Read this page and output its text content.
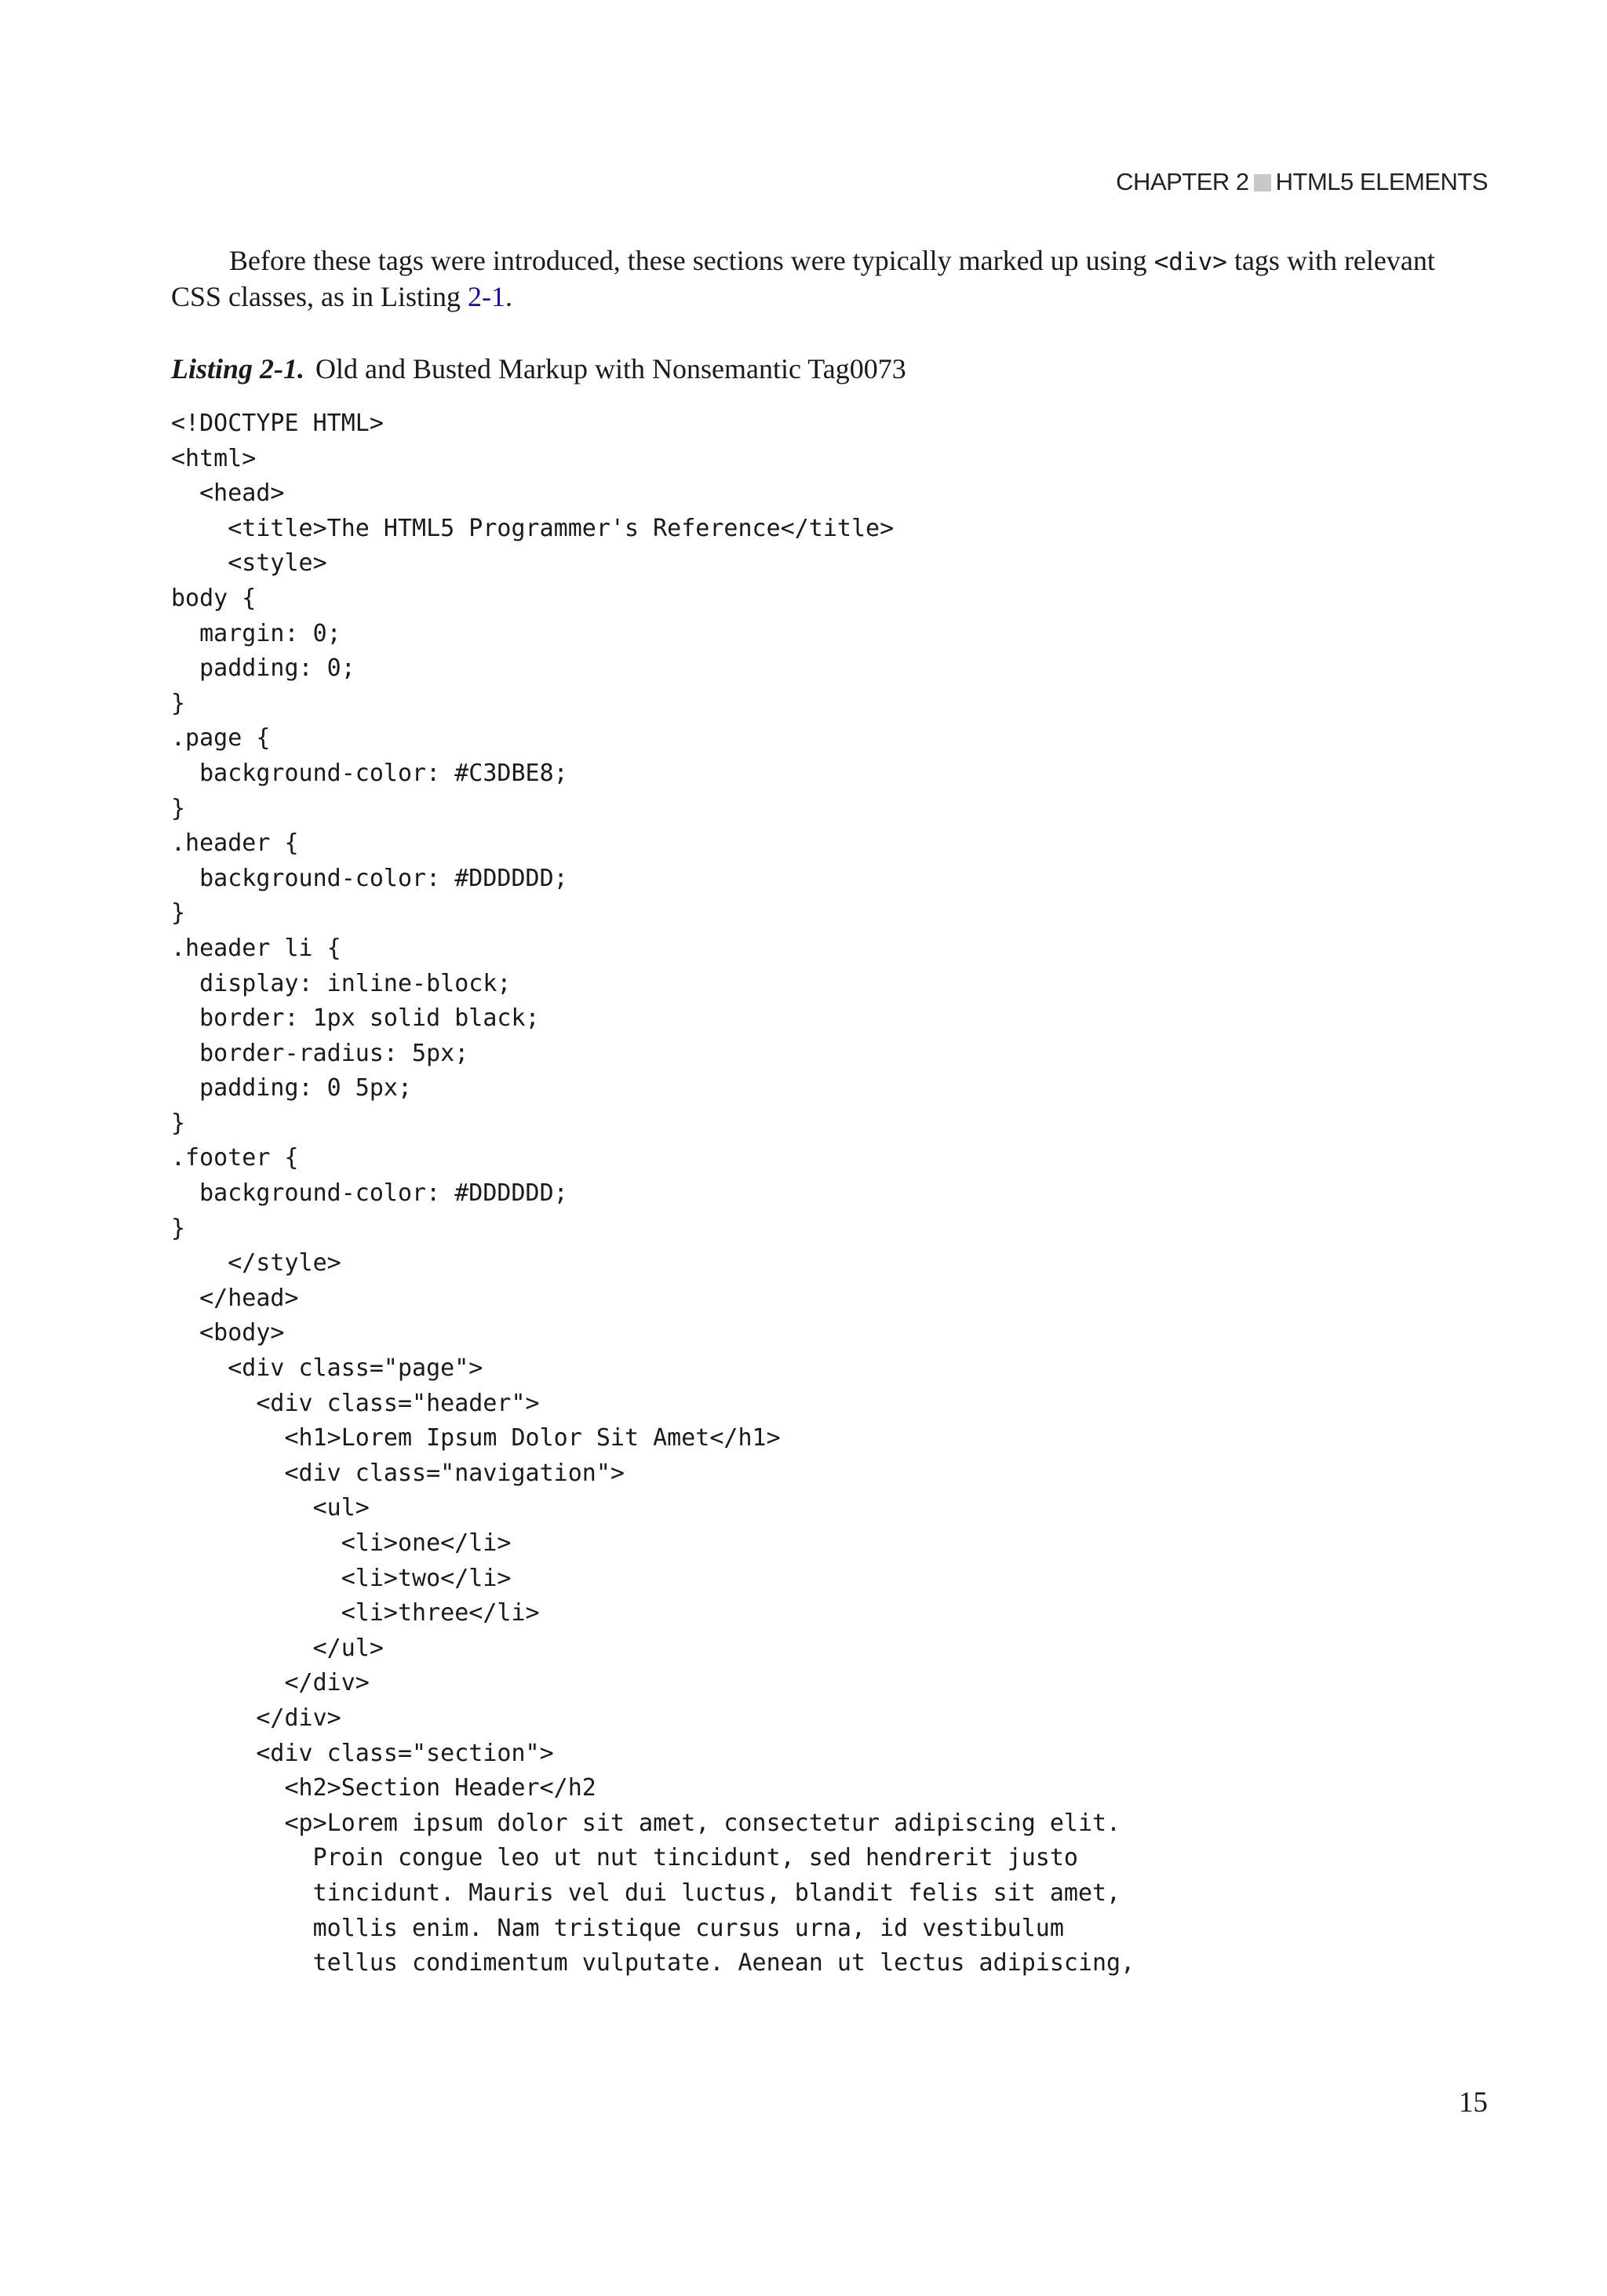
CHAPTER 2 HTML5 ELEMENTS

Before these tags were introduced, these sections were typically marked up using <div> tags with relevant CSS classes, as in Listing 2-1.

Listing 2-1. Old and Busted Markup with Nonsemantic Tag0073

<!DOCTYPE HTML>
<html>
<head>
<title>The HTML5 Programmer's Reference</title>
<style>
body {
margin: 0;
padding: 0;
}
.page {
background-color: #C3DBE8;
}
.header {
background-color: #DDDDDD;
}
.header li {
display: inline-block;
border: 1px solid black;
border-radius: 5px;
padding: 0 5px;
}
.footer {
background-color: #DDDDDD;
}
</style>
</head>
<body>
<div class="page">
<div class="header">
<h1>Lorem Ipsum Dolor Sit Amet</h1>
<div class="navigation">
<ul>
<li>one</li>
<li>two</li>
<li>three</li>
</ul>
</div>
</div>
<div class="section">
<h2>Section Header</h2
<p>Lorem ipsum dolor sit amet, consectetur adipiscing elit.
Proin congue leo ut nut tincidunt, sed hendrerit justo
tincidunt. Mauris vel dui luctus, blandit felis sit amet,
mollis enim. Nam tristique cursus urna, id vestibulum
tellus condimentum vulputate. Aenean ut lectus adipiscing,
15
